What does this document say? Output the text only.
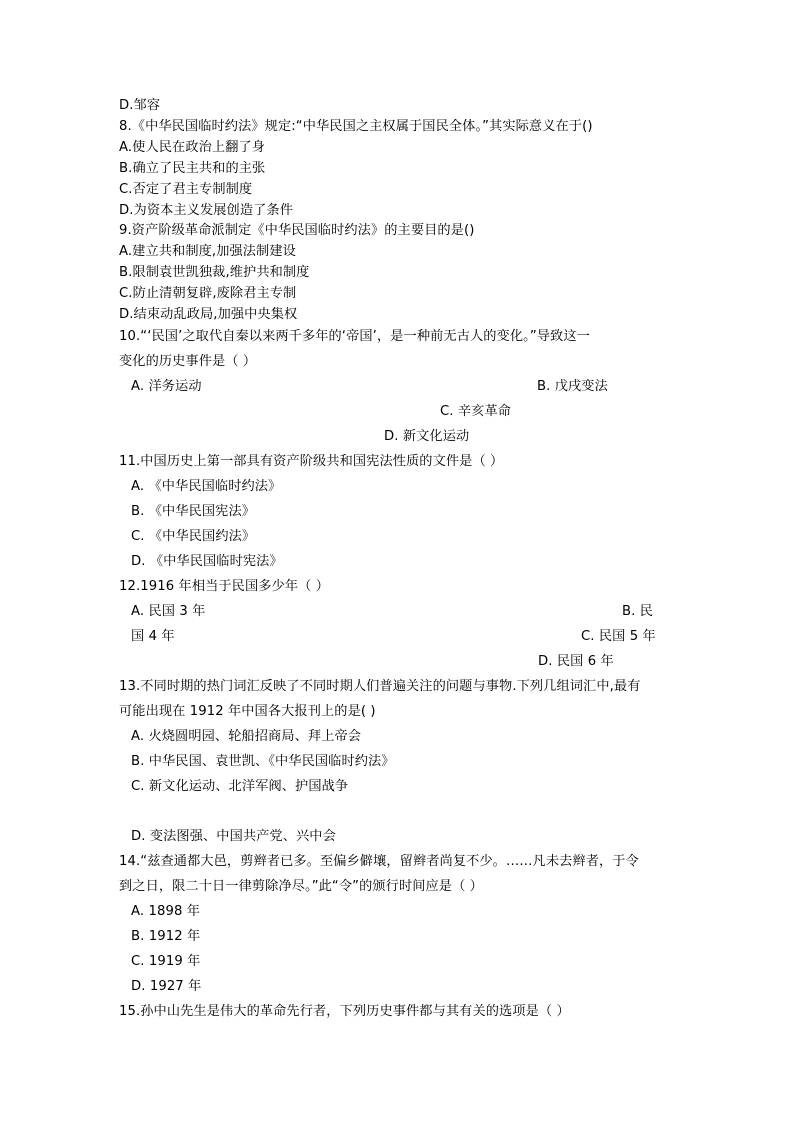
D.邹容
8.《中华民国临时约法》规定:“中华民国之主权属于国民全体。”其实际意义在于()
A.使人民在政治上翻了身
B.确立了民主共和的主张
C.否定了君主专制制度
D.为资本主义发展创造了条件
9.资产阶级革命派制定《中华民国临时约法》的主要目的是()
A.建立共和制度,加强法制建设
B.限制袁世凯独裁,维护共和制度
C.防止清朝复辟,废除君主专制
D.结束动乱政局,加强中央集权
10.“‘民国’之取代自秦以来两千多年的‘帝国’，是一种前无古人的变化。”导致这一
变化的历史事件是（ ）
A. 洋务运动	B. 戊戌变法
C. 辛亥革命
D. 新文化运动
11.中国历史上第一部具有资产阶级共和国宪法性质的文件是（ ）
A. 《中华民国临时约法》
B. 《中华民国宪法》
C. 《中华民国约法》
D. 《中华民国临时宪法》
12.1916 年相当于民国多少年（ ）
A. 民国 3 年	B. 民
国 4 年	C. 民国 5 年
D. 民国 6 年
13.不同时期的热门词汇反映了不同时期人们普遍关注的问题与事物.下列几组词汇中,最有
可能出现在 1912 年中国各大报刊上的是( )
A. 火烧圆明园、轮船招商局、拜上帝会
B. 中华民国、袁世凯、《中华民国临时约法》
C. 新文化运动、北洋军阀、护国战争
D. 变法图强、中国共产党、兴中会
14.“兹查通都大邑，剪辫者已多。至偏乡僻壤，留辫者尚复不少。……凡未去辫者，于令
到之日，限二十日一律剪除净尽。”此“令”的颁行时间应是（ ）
A. 1898 年
B. 1912 年
C. 1919 年
D. 1927 年
15.孙中山先生是伟大的革命先行者，下列历史事件都与其有关的选项是（ ）
